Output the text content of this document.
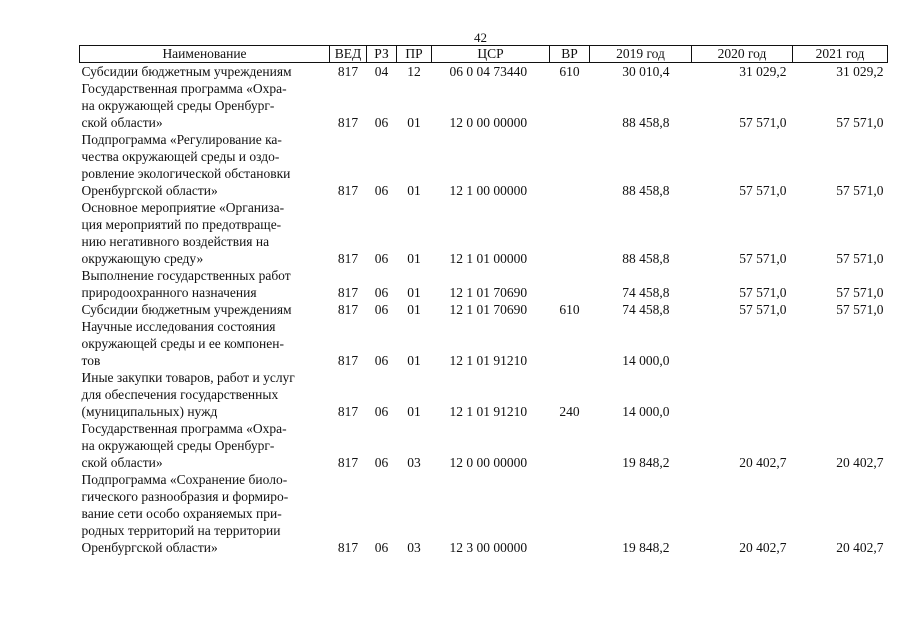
42
Наименование	ВЕД	РЗ	ПР	ЦСР	ВР	2019 год	2020 год	2021 год

Субсидии бюджетным учреждениям	817	04	12	06 0 04 73440	610	30 010,4	31 029,2	31 029,2

Государственная программа «Охра-
на окружающей среды Оренбург-
ской области»	817	06	01	12 0 00 00000		88 458,8	57 571,0	57 571,0

Подпрограмма «Регулирование ка-
чества окружающей среды и оздо-
ровление экологической обстановки
Оренбургской области»	817	06	01	12 1 00 00000		88 458,8	57 571,0	57 571,0

Основное мероприятие «Организа-
ция мероприятий по предотвраще-
нию негативного воздействия на
окружающую среду»	817	06	01	12 1 01 00000		88 458,8	57 571,0	57 571,0

Выполнение государственных работ
природоохранного назначения	817	06	01	12 1 01 70690		74 458,8	57 571,0	57 571,0

Субсидии бюджетным учреждениям	817	06	01	12 1 01 70690	610	74 458,8	57 571,0	57 571,0

Научные исследования состояния
окружающей среды и ее компонен-
тов	817	06	01	12 1 01 91210		14 000,0		

Иные закупки товаров, работ и услуг
для обеспечения государственных
(муниципальных) нужд	817	06	01	12 1 01 91210	240	14 000,0		

Государственная программа «Охра-
на окружающей среды Оренбург-
ской области»	817	06	03	12 0 00 00000		19 848,2	20 402,7	20 402,7

Подпрограмма «Сохранение биоло-
гического разнообразия и формиро-
вание сети особо охраняемых при-
родных территорий на территории
Оренбургской области»	817	06	03	12 3 00 00000		19 848,2	20 402,7	20 402,7
